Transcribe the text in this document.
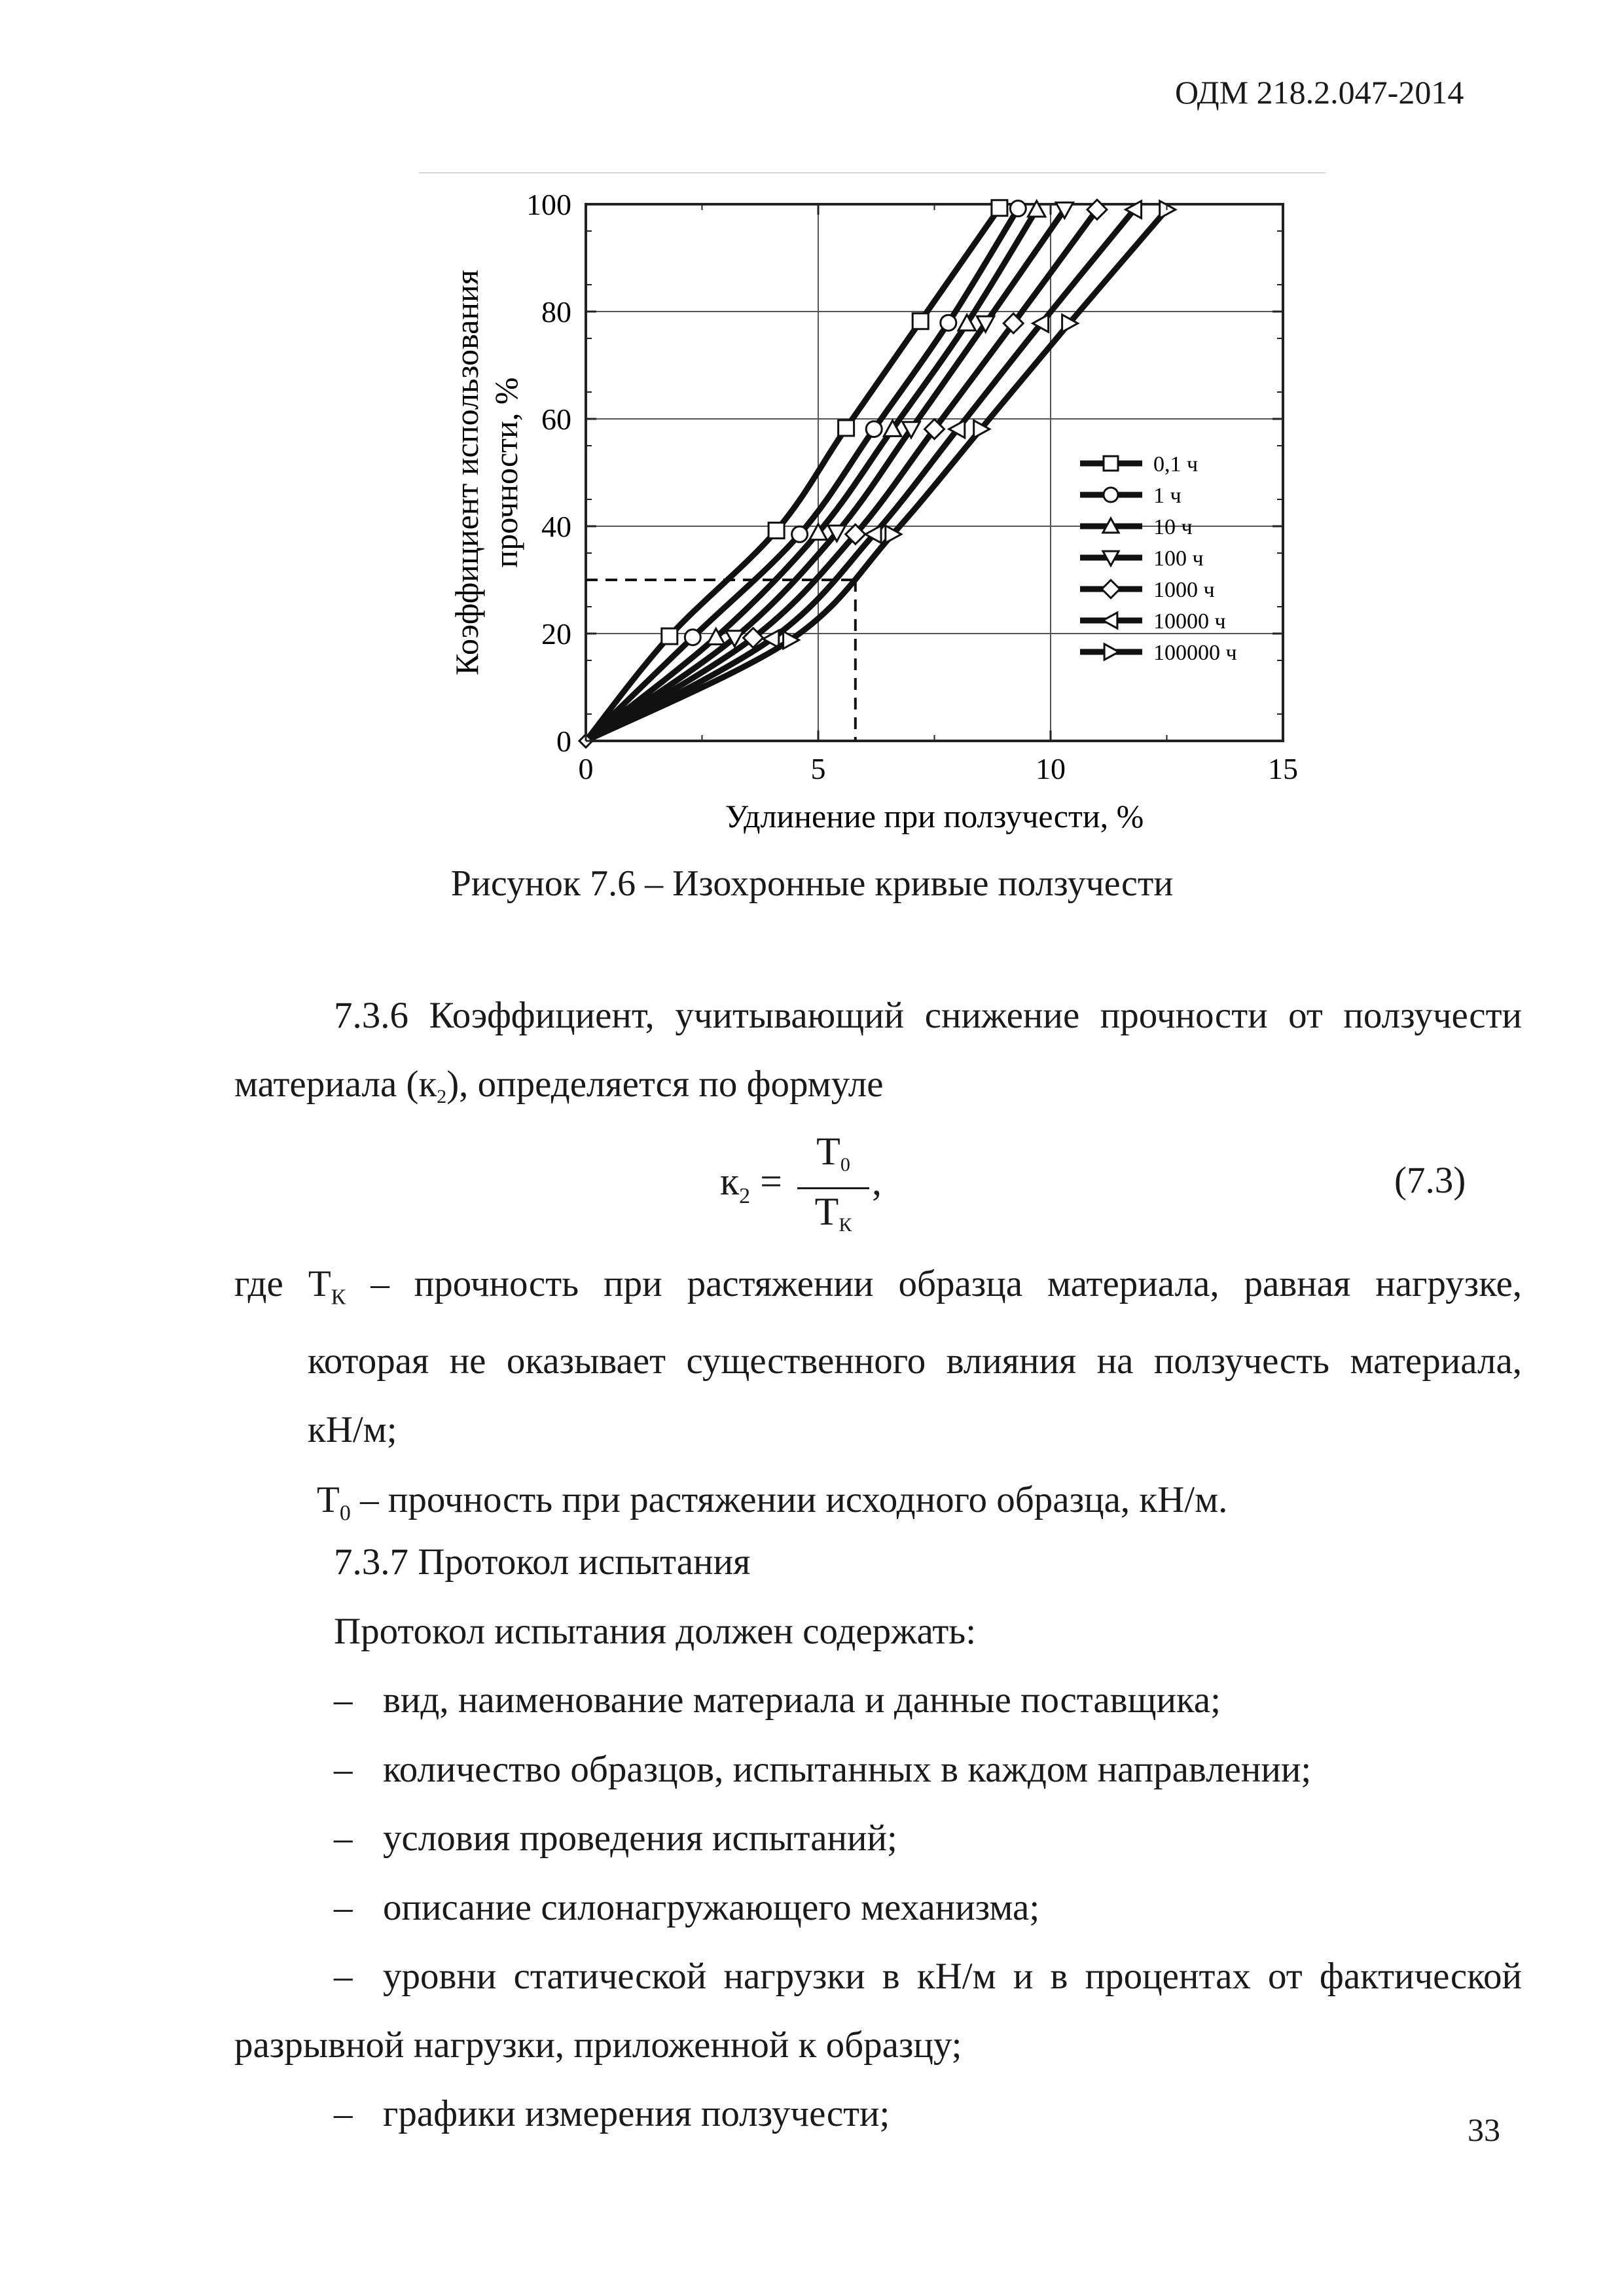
ОДМ 218.2.047-2014
0
20
40
60
80
100
0	5	10	15
0,1 ч
1 ч
10 ч
100 ч
1000 ч
10000 ч
100000 ч
Удлинение при ползучести, %
Коэффициент использования прочности, %
Рисунок 7.6 – Изохронные кривые ползучести
7.3.6 Коэффициент, учитывающий снижение прочности от ползучести
материала $(к_2)$, определяется по формуле
$к_2$ =
$Т_0$
$Т_К$
,	(7.3)
где $Т_К$ – прочность при растяжении образца материала, равная нагрузке,
которая не оказывает существенного влияния на ползучесть материала,
кН/м;
$Т_0$ – прочность при растяжении исходного образца, кН/м.
7.3.7 Протокол испытания
Протокол испытания должен содержать:
– вид, наименование материала и данные поставщика;
– количество образцов, испытанных в каждом направлении;
– условия проведения испытаний;
– описание силонагружающего механизма;
– уровни статической нагрузки в кН/м и в процентах от фактической
разрывной нагрузки, приложенной к образцу;
– графики измерения ползучести;	33
